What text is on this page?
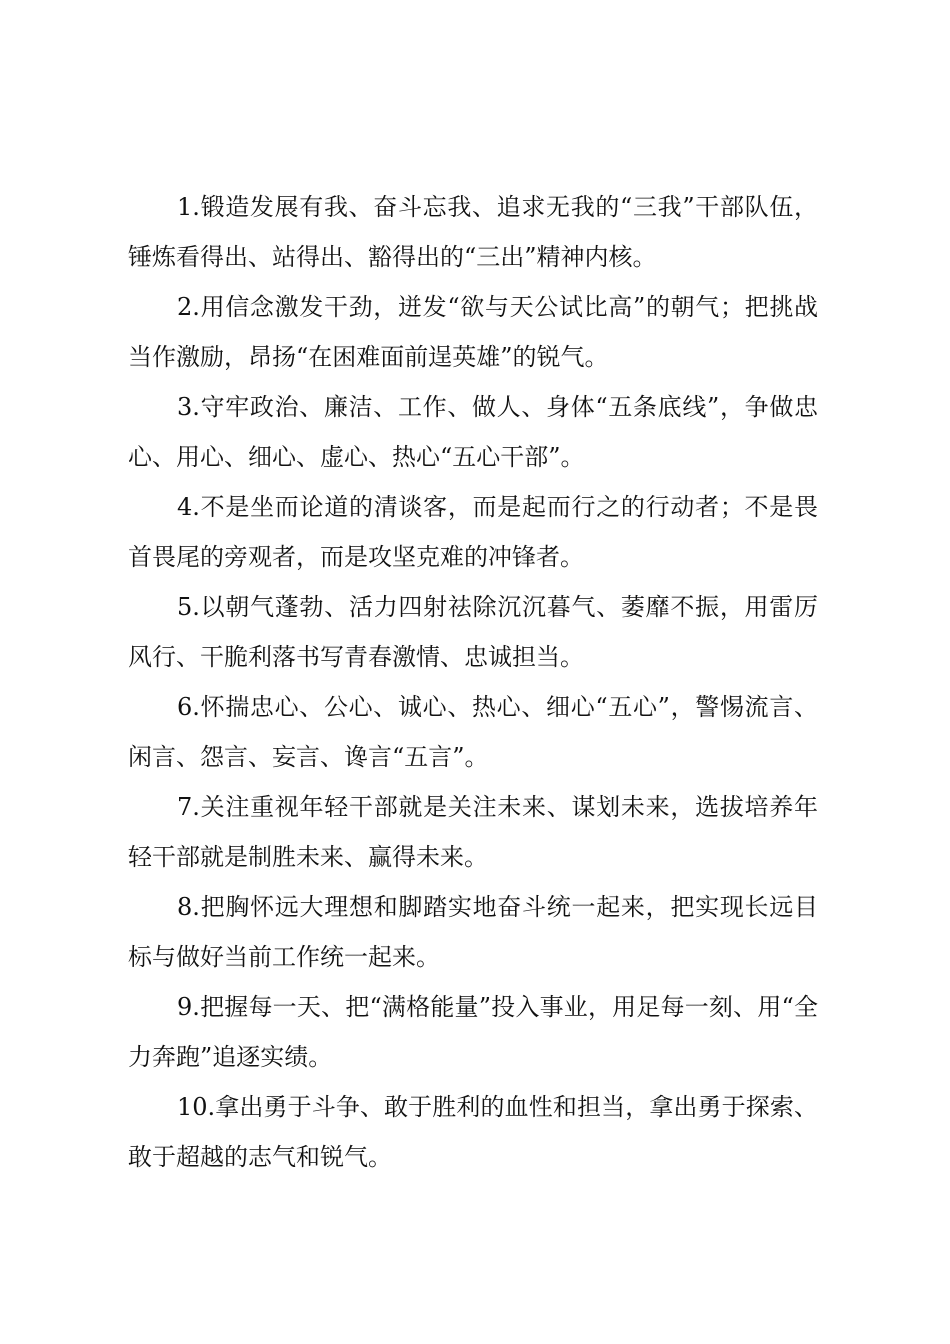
1.锻造发展有我、奋斗忘我、追求无我的“三我”干部队伍，锤炼看得出、站得出、豁得出的“三出”精神内核。

2.用信念激发干劲，迸发“欲与天公试比高”的朝气；把挑战当作激励，昂扬“在困难面前逞英雄”的锐气。

3.守牢政治、廉洁、工作、做人、身体“五条底线”，争做忠心、用心、细心、虚心、热心“五心干部”。

4.不是坐而论道的清谈客，而是起而行之的行动者；不是畏首畏尾的旁观者，而是攻坚克难的冲锋者。

5.以朝气蓬勃、活力四射祛除沉沉暮气、萎靡不振，用雷厉风行、干脆利落书写青春激情、忠诚担当。

6.怀揣忠心、公心、诚心、热心、细心“五心”，警惕流言、闲言、怨言、妄言、谗言“五言”。

7.关注重视年轻干部就是关注未来、谋划未来，选拔培养年轻干部就是制胜未来、赢得未来。

8.把胸怀远大理想和脚踏实地奋斗统一起来，把实现长远目标与做好当前工作统一起来。

9.把握每一天、把“满格能量”投入事业，用足每一刻、用“全力奔跑”追逐实绩。

10.拿出勇于斗争、敢于胜利的血性和担当，拿出勇于探索、敢于超越的志气和锐气。
